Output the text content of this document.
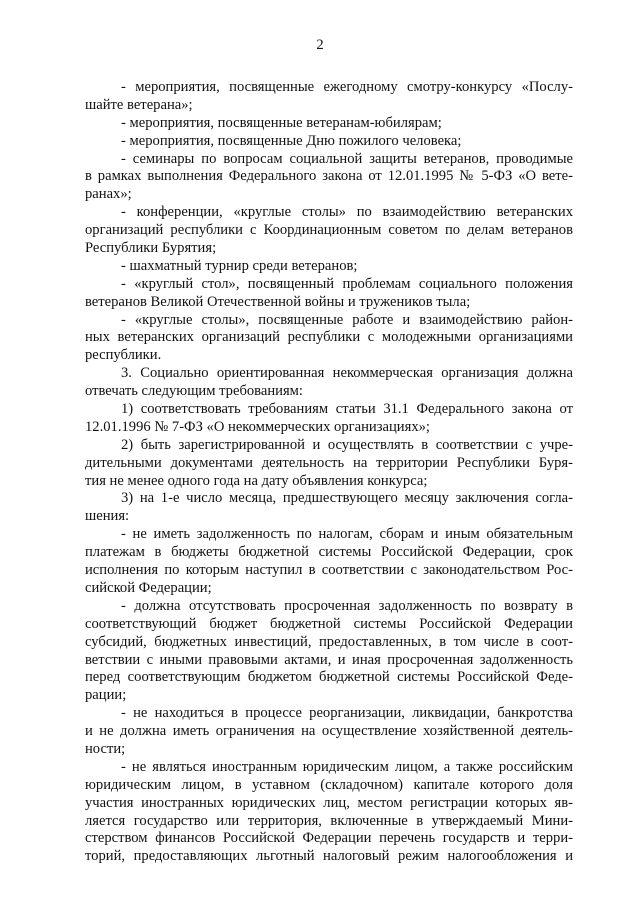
2
- мероприятия, посвященные ежегодному смотру-конкурсу «Послу-
шайте ветерана»;
- мероприятия, посвященные ветеранам-юбилярам;
- мероприятия, посвященные Дню пожилого человека;
- семинары по вопросам социальной защиты ветеранов, проводимые
в рамках выполнения Федерального закона от 12.01.1995 № 5-ФЗ «О вете-
ранах»;
- конференции, «круглые столы» по взаимодействию ветеранских
организаций республики с Координационным советом по делам ветеранов
Республики Бурятия;
- шахматный турнир среди ветеранов;
- «круглый стол», посвященный проблемам социального положения
ветеранов Великой Отечественной войны и тружеников тыла;
- «круглые столы», посвященные работе и взаимодействию район-
ных ветеранских организаций республики с молодежными организациями
республики.
3. Социально ориентированная некоммерческая организация должна
отвечать следующим требованиям:
1) соответствовать требованиям статьи 31.1 Федерального закона от
12.01.1996 № 7-ФЗ «О некоммерческих организациях»;
2) быть зарегистрированной и осуществлять в соответствии с учре-
дительными документами деятельность на территории Республики Буря-
тия не менее одного года на дату объявления конкурса;
3) на 1-е число месяца, предшествующего месяцу заключения согла-
шения:
- не иметь задолженность по налогам, сборам и иным обязательным
платежам в бюджеты бюджетной системы Российской Федерации, срок
исполнения по которым наступил в соответствии с законодательством Рос-
сийской Федерации;
- должна отсутствовать просроченная задолженность по возврату в
соответствующий бюджет бюджетной системы Российской Федерации
субсидий, бюджетных инвестиций, предоставленных, в том числе в соот-
ветствии с иными правовыми актами, и иная просроченная задолженность
перед соответствующим бюджетом бюджетной системы Российской Феде-
рации;
- не находиться в процессе реорганизации, ликвидации, банкротства
и не должна иметь ограничения на осуществление хозяйственной деятель-
ности;
- не являться иностранным юридическим лицом, а также российским
юридическим лицом, в уставном (складочном) капитале которого доля
участия иностранных юридических лиц, местом регистрации которых яв-
ляется государство или территория, включенные в утверждаемый Мини-
стерством финансов Российской Федерации перечень государств и терри-
торий, предоставляющих льготный налоговый режим налогообложения и
